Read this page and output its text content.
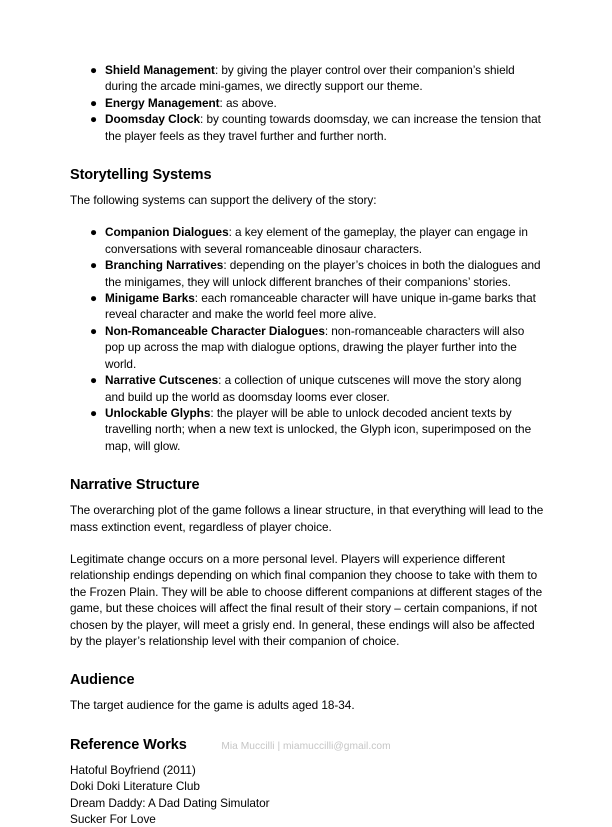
● Shield Management: by giving the player control over their companion’s shield during the arcade mini-games, we directly support our theme.
● Energy Management: as above.
● Doomsday Clock: by counting towards doomsday, we can increase the tension that the player feels as they travel further and further north.
Storytelling Systems

The following systems can support the delivery of the story:

● Companion Dialogues: a key element of the gameplay, the player can engage in conversations with several romanceable dinosaur characters.
● Branching Narratives: depending on the player’s choices in both the dialogues and the minigames, they will unlock different branches of their companions’ stories.
● Minigame Barks: each romanceable character will have unique in-game barks that reveal character and make the world feel more alive.
● Non-Romanceable Character Dialogues: non-romanceable characters will also pop up across the map with dialogue options, drawing the player further into the world.
● Narrative Cutscenes: a collection of unique cutscenes will move the story along and build up the world as doomsday looms ever closer.
● Unlockable Glyphs: the player will be able to unlock decoded ancient texts by travelling north; when a new text is unlocked, the Glyph icon, superimposed on the map, will glow.
Narrative Structure

The overarching plot of the game follows a linear structure, in that everything will lead to the mass extinction event, regardless of player choice.

Legitimate change occurs on a more personal level. Players will experience different relationship endings depending on which final companion they choose to take with them to the Frozen Plain. They will be able to choose different companions at different stages of the game, but these choices will affect the final result of their story – certain companions, if not chosen by the player, will meet a grisly end. In general, these endings will also be affected by the player’s relationship level with their companion of choice.

Audience

The target audience for the game is adults aged 18-34.

Reference Works
Hatoful Boyfriend (2011)
Doki Doki Literature Club
Dream Daddy: A Dad Dating Simulator
Sucker For Love
Mia Muccilli | miamuccilli@gmail.com
